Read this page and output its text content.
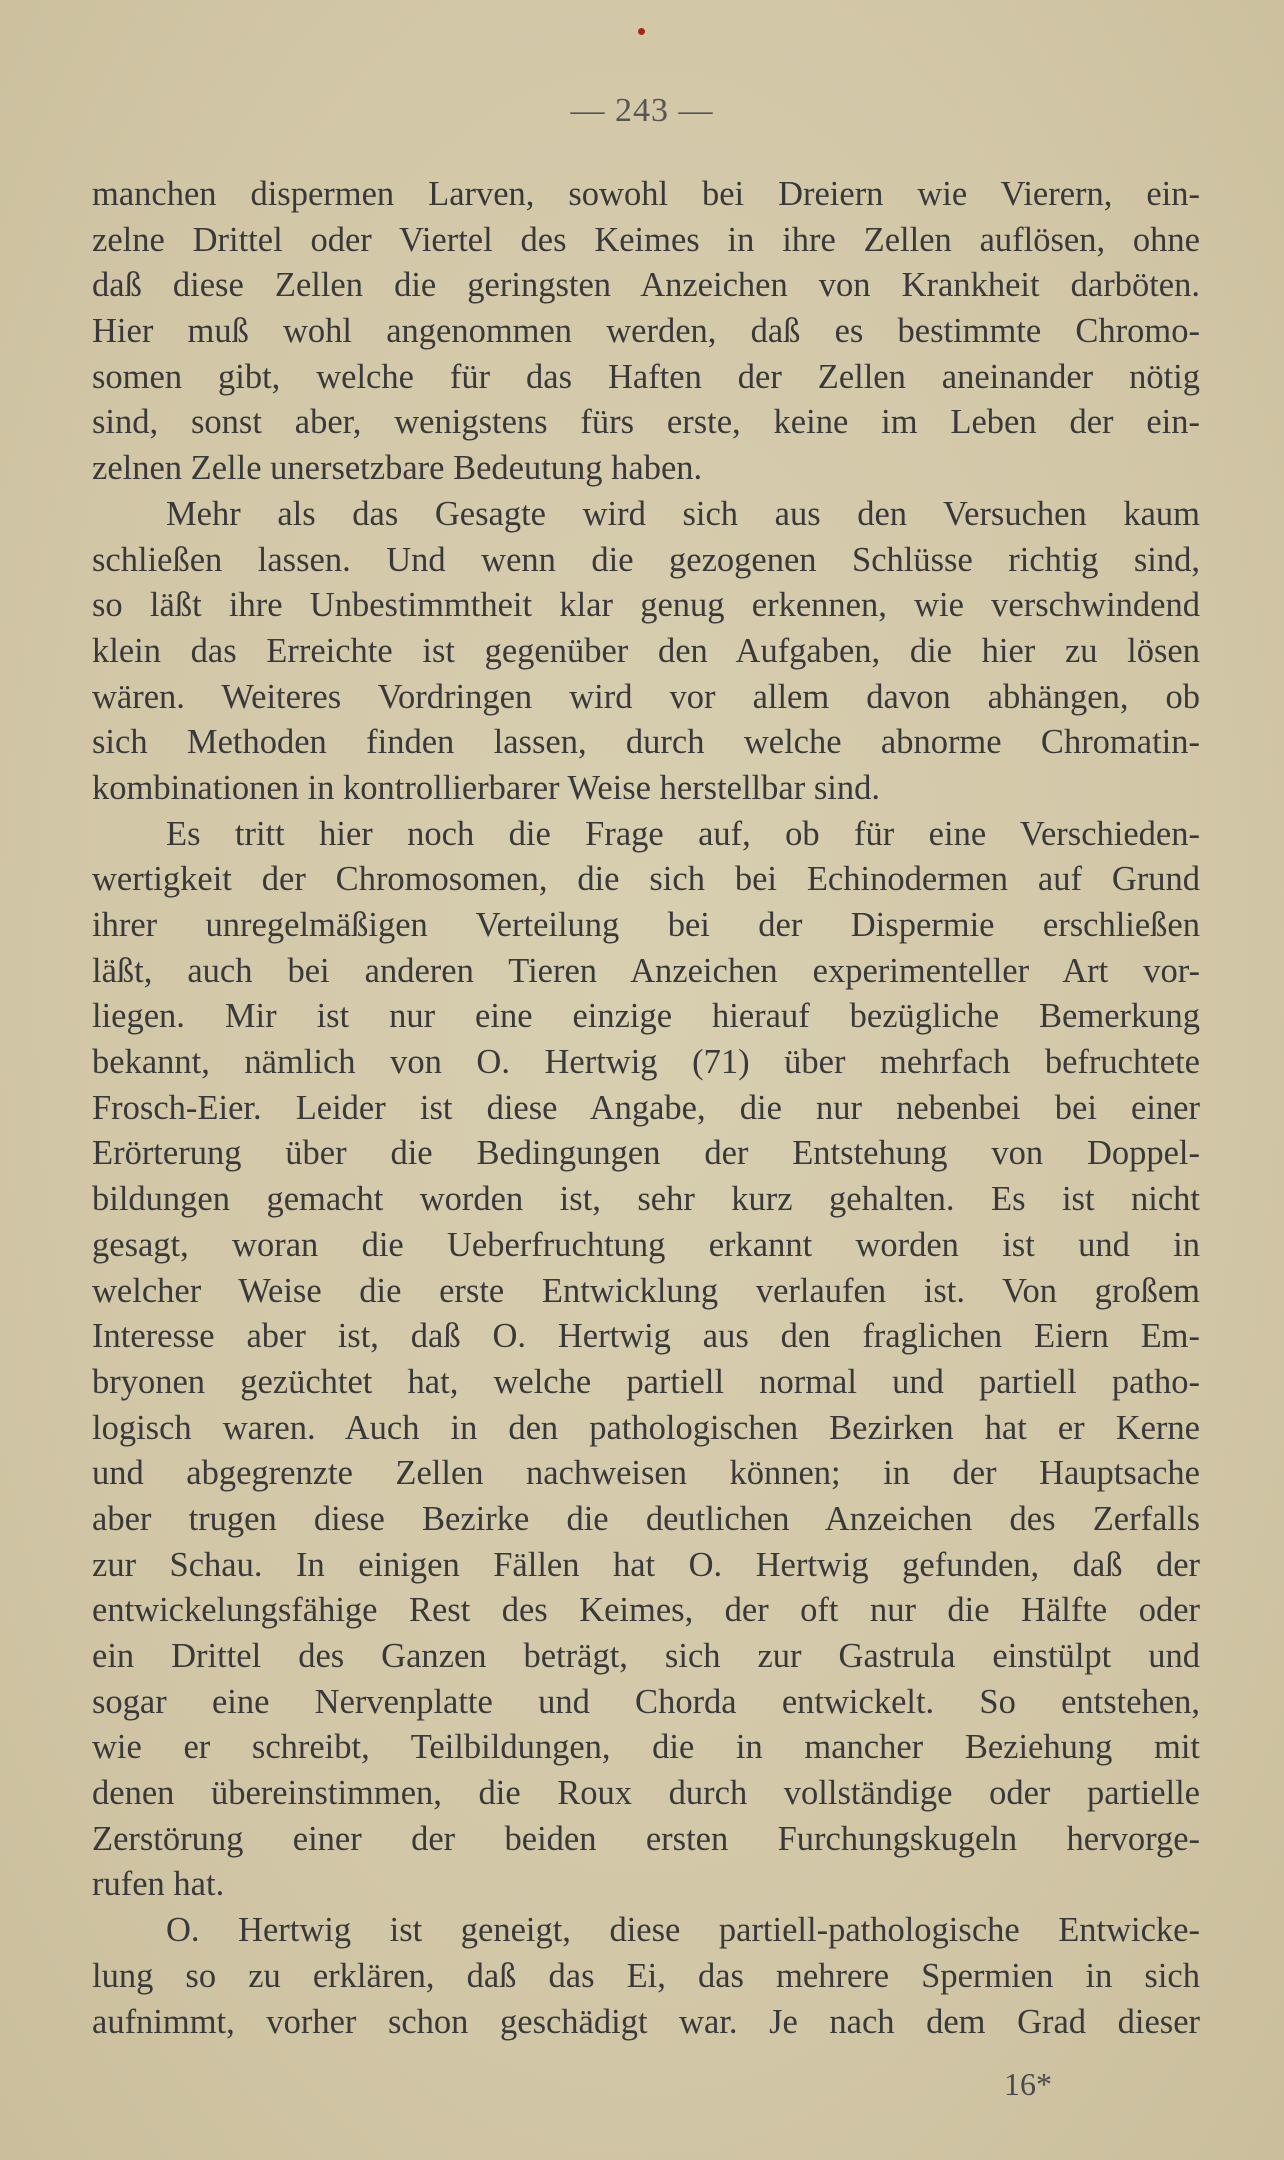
— 243 —
manchen dispermen Larven, sowohl bei Dreiern wie Vierern, ein-
zelne Drittel oder Viertel des Keimes in ihre Zellen auflösen, ohne
daß diese Zellen die geringsten Anzeichen von Krankheit darböten.
Hier muß wohl angenommen werden, daß es bestimmte Chromo-
somen gibt, welche für das Haften der Zellen aneinander nötig
sind, sonst aber, wenigstens fürs erste, keine im Leben der ein-
zelnen Zelle unersetzbare Bedeutung haben.
Mehr als das Gesagte wird sich aus den Versuchen kaum
schließen lassen. Und wenn die gezogenen Schlüsse richtig sind,
so läßt ihre Unbestimmtheit klar genug erkennen, wie verschwindend
klein das Erreichte ist gegenüber den Aufgaben, die hier zu lösen
wären. Weiteres Vordringen wird vor allem davon abhängen, ob
sich Methoden finden lassen, durch welche abnorme Chromatin-
kombinationen in kontrollierbarer Weise herstellbar sind.
Es tritt hier noch die Frage auf, ob für eine Verschieden-
wertigkeit der Chromosomen, die sich bei Echinodermen auf Grund
ihrer unregelmäßigen Verteilung bei der Dispermie erschließen
läßt, auch bei anderen Tieren Anzeichen experimenteller Art vor-
liegen. Mir ist nur eine einzige hierauf bezügliche Bemerkung
bekannt, nämlich von O. Hertwig (71) über mehrfach befruchtete
Frosch-Eier. Leider ist diese Angabe, die nur nebenbei bei einer
Erörterung über die Bedingungen der Entstehung von Doppel-
bildungen gemacht worden ist, sehr kurz gehalten. Es ist nicht
gesagt, woran die Ueberfruchtung erkannt worden ist und in
welcher Weise die erste Entwicklung verlaufen ist. Von großem
Interesse aber ist, daß O. Hertwig aus den fraglichen Eiern Em-
bryonen gezüchtet hat, welche partiell normal und partiell patho-
logisch waren. Auch in den pathologischen Bezirken hat er Kerne
und abgegrenzte Zellen nachweisen können; in der Hauptsache
aber trugen diese Bezirke die deutlichen Anzeichen des Zerfalls
zur Schau. In einigen Fällen hat O. Hertwig gefunden, daß der
entwickelungsfähige Rest des Keimes, der oft nur die Hälfte oder
ein Drittel des Ganzen beträgt, sich zur Gastrula einstülpt und
sogar eine Nervenplatte und Chorda entwickelt. So entstehen,
wie er schreibt, Teilbildungen, die in mancher Beziehung mit
denen übereinstimmen, die Roux durch vollständige oder partielle
Zerstörung einer der beiden ersten Furchungskugeln hervorge-
rufen hat.
O. Hertwig ist geneigt, diese partiell-pathologische Entwicke-
lung so zu erklären, daß das Ei, das mehrere Spermien in sich
aufnimmt, vorher schon geschädigt war. Je nach dem Grad dieser
16*
